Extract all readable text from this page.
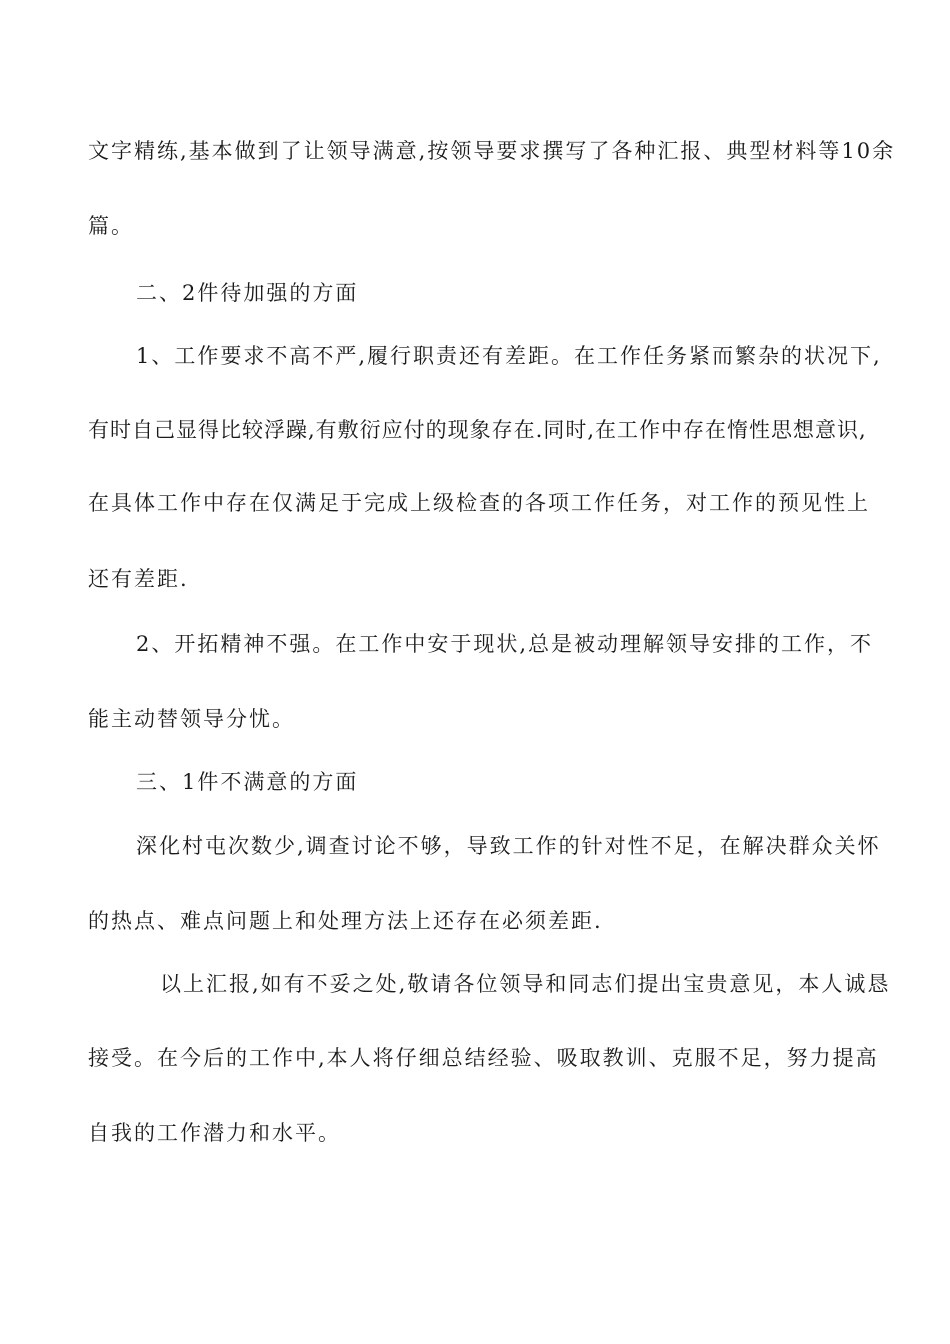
文字精练,基本做到了让领导满意,按领导要求撰写了各种汇报、典型材料等10余
篇。
二、2件待加强的方面
1、工作要求不高不严,履行职责还有差距。在工作任务紧而繁杂的状况下,
有时自己显得比较浮躁,有敷衍应付的现象存在.同时,在工作中存在惰性思想意识,
在具体工作中存在仅满足于完成上级检查的各项工作任务，对工作的预见性上
还有差距.
2、开拓精神不强。在工作中安于现状,总是被动理解领导安排的工作，不
能主动替领导分忧。
三、1件不满意的方面
深化村屯次数少,调查讨论不够，导致工作的针对性不足，在解决群众关怀
的热点、难点问题上和处理方法上还存在必须差距.
以上汇报,如有不妥之处,敬请各位领导和同志们提出宝贵意见，本人诚恳
接受。在今后的工作中,本人将仔细总结经验、吸取教训、克服不足，努力提高
自我的工作潜力和水平。
